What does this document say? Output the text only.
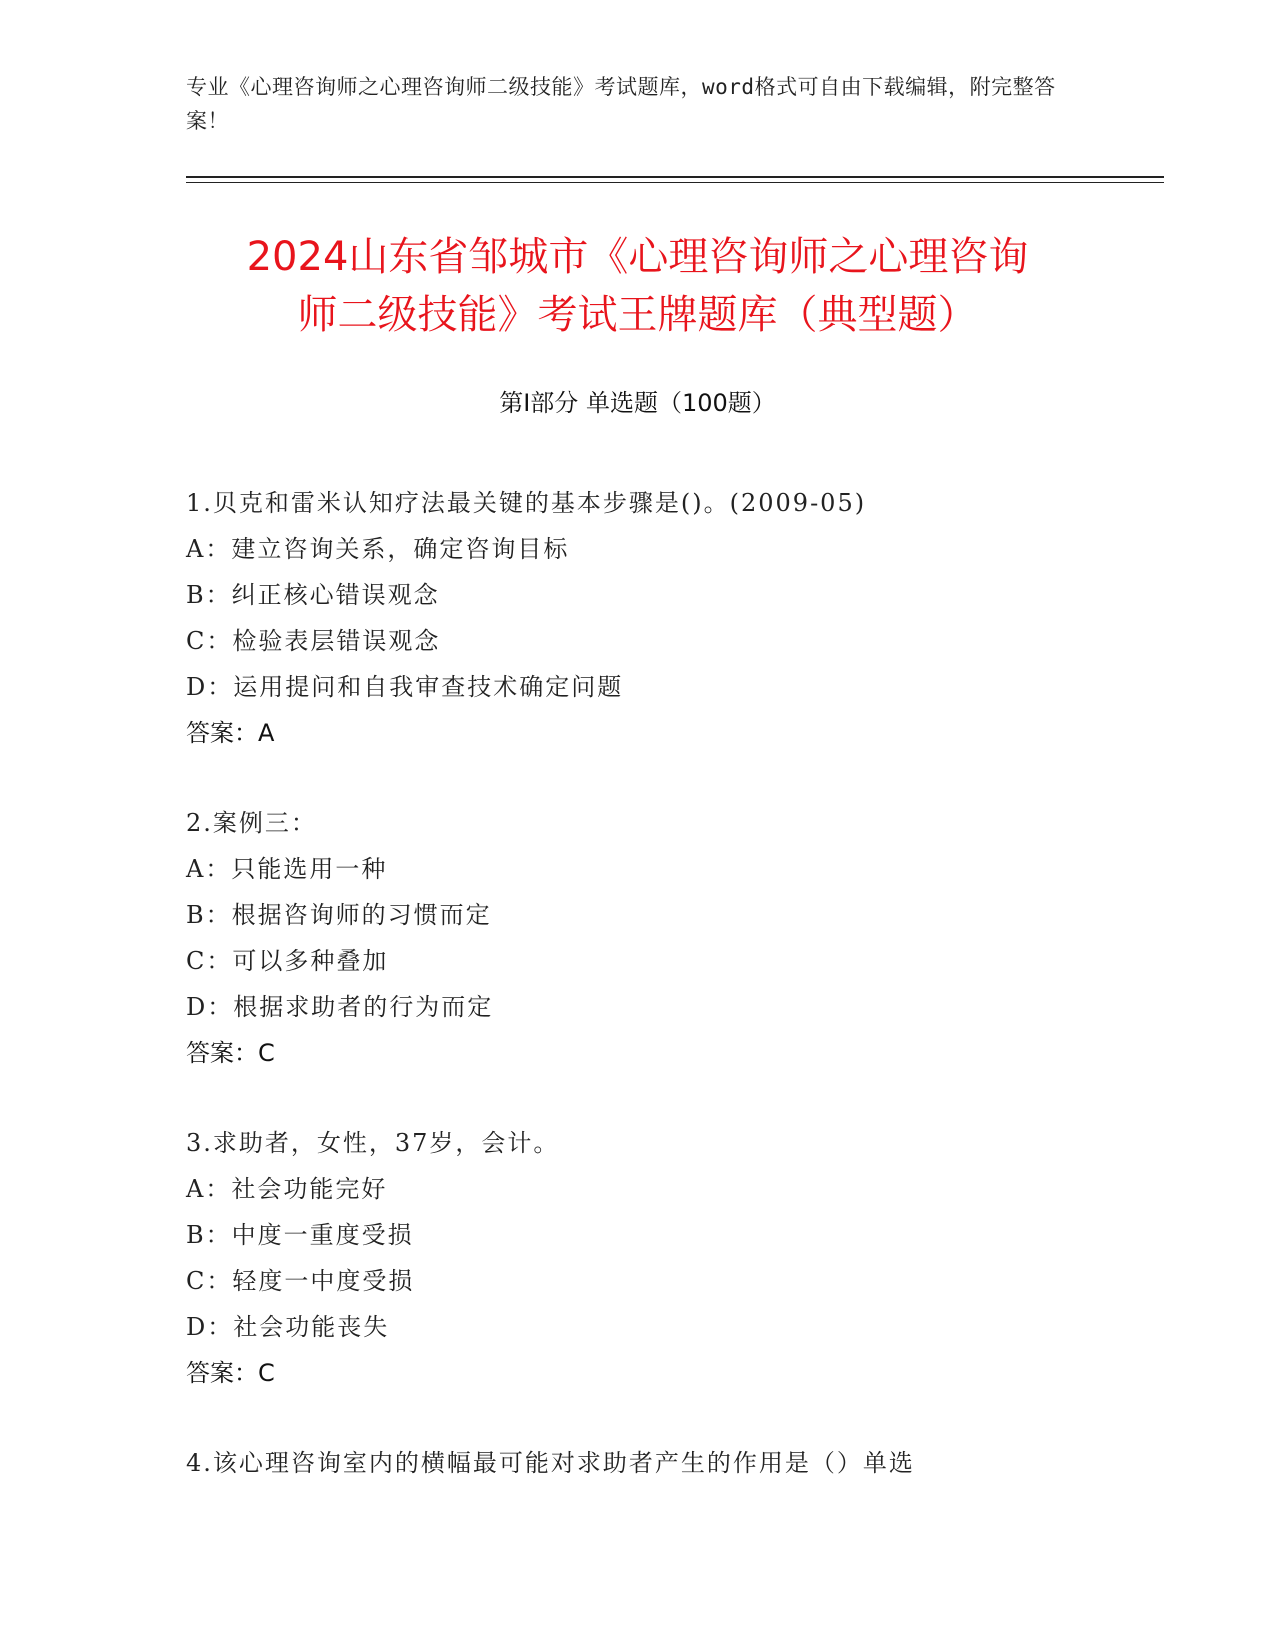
专业《心理咨询师之心理咨询师二级技能》考试题库，word格式可自由下载编辑，附完整答案！
2024山东省邹城市《心理咨询师之心理咨询
师二级技能》考试王牌题库（典型题）
第Ⅰ部分 单选题（100题）
1.贝克和雷米认知疗法最关键的基本步骤是()。(2009-05)
A：建立咨询关系，确定咨询目标
B：纠正核心错误观念
C：检验表层错误观念
D：运用提问和自我审查技术确定问题
答案：A
2.案例三：
A：只能选用一种
B：根据咨询师的习惯而定
C：可以多种叠加
D：根据求助者的行为而定
答案：C
3.求助者，女性，37岁，会计。
A：社会功能完好
B：中度一重度受损
C：轻度一中度受损
D：社会功能丧失
答案：C
4.该心理咨询室内的横幅最可能对求助者产生的作用是（）单选
